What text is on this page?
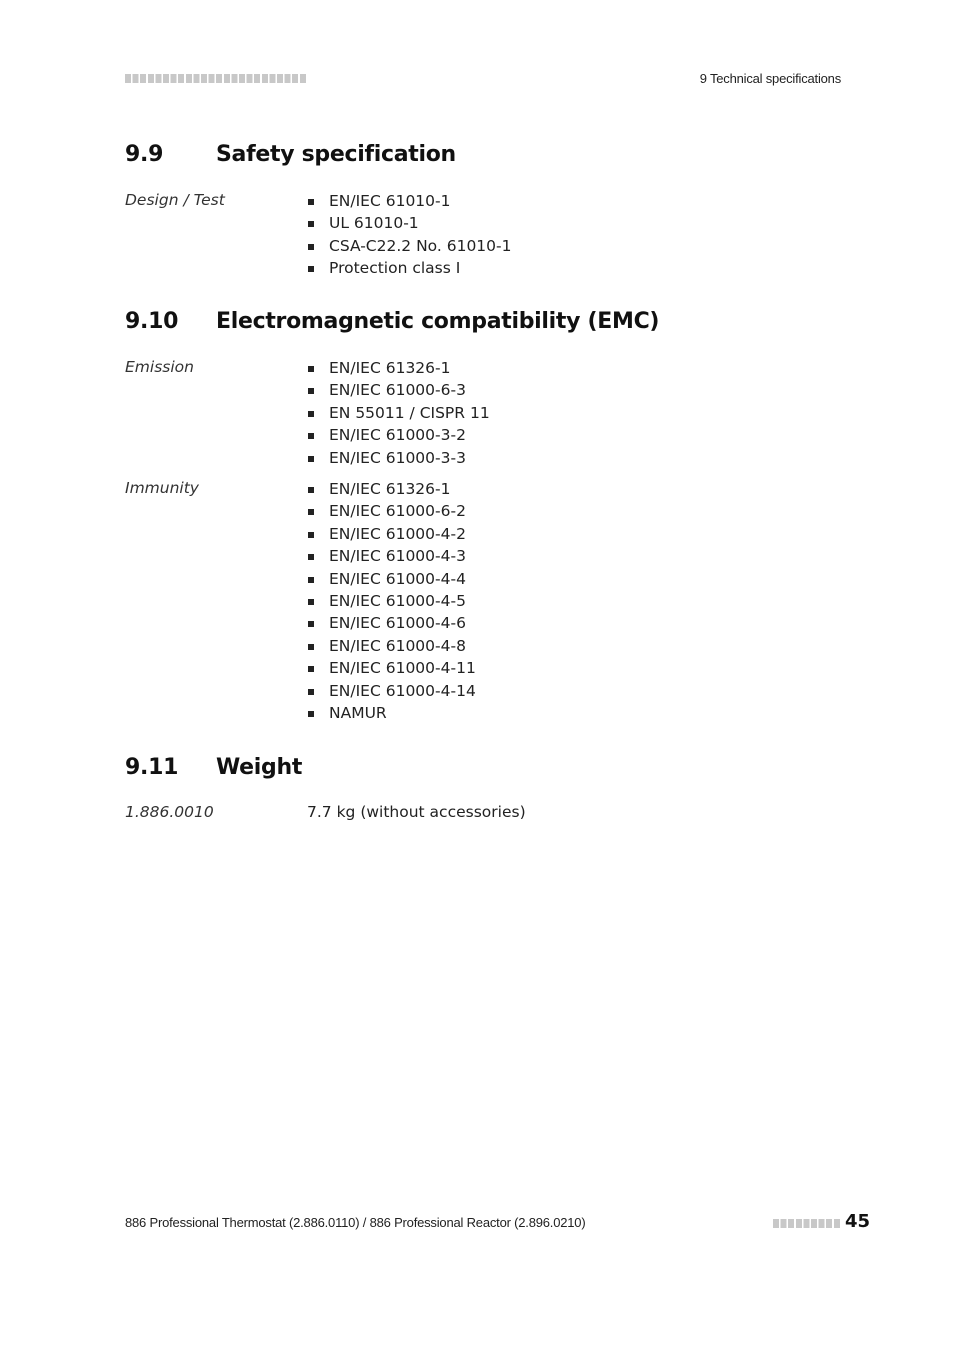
9 Technical specifications
9.9 Safety specification
Design / Test	EN/IEC 61010-1
UL 61010-1
CSA-C22.2 No. 61010-1
Protection class I
9.10 Electromagnetic compatibility (EMC)
Emission	EN/IEC 61326-1
EN/IEC 61000-6-3
EN 55011 / CISPR 11
EN/IEC 61000-3-2
EN/IEC 61000-3-3
Immunity	EN/IEC 61326-1
EN/IEC 61000-6-2
EN/IEC 61000-4-2
EN/IEC 61000-4-3
EN/IEC 61000-4-4
EN/IEC 61000-4-5
EN/IEC 61000-4-6
EN/IEC 61000-4-8
EN/IEC 61000-4-11
EN/IEC 61000-4-14
NAMUR
9.11 Weight
1.886.0010	7.7 kg (without accessories)
886 Professional Thermostat (2.886.0110) / 886 Professional Reactor (2.896.0210)	45
